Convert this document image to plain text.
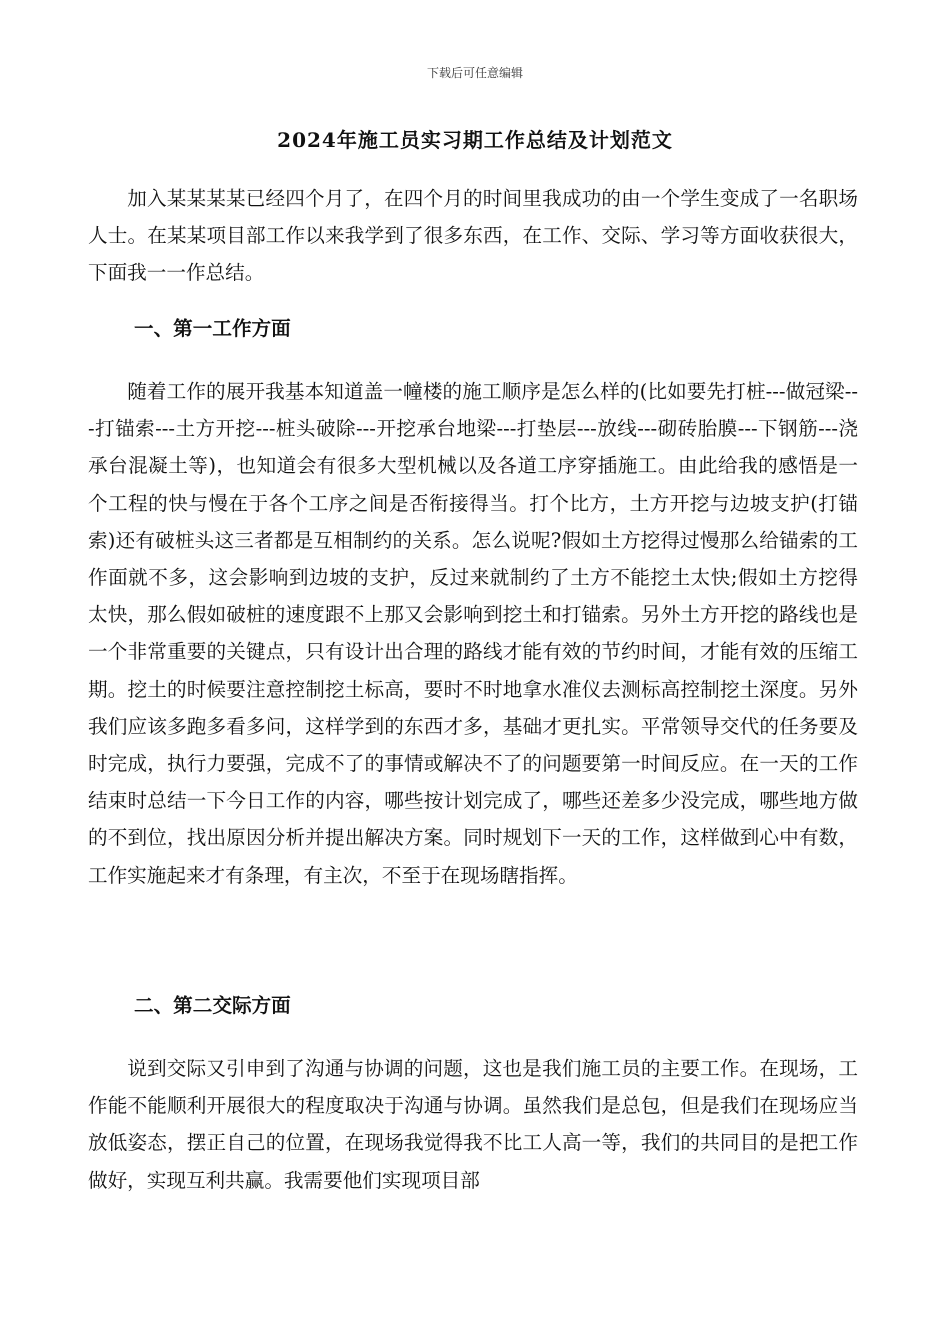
下载后可任意编辑
2024年施工员实习期工作总结及计划范文
加入某某某某已经四个月了，在四个月的时间里我成功的由一个学生变成了一名职场人士。在某某项目部工作以来我学到了很多东西，在工作、交际、学习等方面收获很大，下面我一一作总结。
一、第一工作方面
随着工作的展开我基本知道盖一幢楼的施工顺序是怎么样的(比如要先打桩---做冠梁---打锚索---土方开挖---桩头破除---开挖承台地梁---打垫层---放线---砌砖胎膜---下钢筋---浇承台混凝土等)，也知道会有很多大型机械以及各道工序穿插施工。由此给我的感悟是一个工程的快与慢在于各个工序之间是否衔接得当。打个比方，土方开挖与边坡支护(打锚索)还有破桩头这三者都是互相制约的关系。怎么说呢?假如土方挖得过慢那么给锚索的工作面就不多，这会影响到边坡的支护，反过来就制约了土方不能挖土太快;假如土方挖得太快，那么假如破桩的速度跟不上那又会影响到挖土和打锚索。另外土方开挖的路线也是一个非常重要的关键点，只有设计出合理的路线才能有效的节约时间，才能有效的压缩工期。挖土的时候要注意控制挖土标高，要时不时地拿水准仪去测标高控制挖土深度。另外我们应该多跑多看多问，这样学到的东西才多，基础才更扎实。平常领导交代的任务要及时完成，执行力要强，完成不了的事情或解决不了的问题要第一时间反应。在一天的工作结束时总结一下今日工作的内容，哪些按计划完成了，哪些还差多少没完成，哪些地方做的不到位，找出原因分析并提出解决方案。同时规划下一天的工作，这样做到心中有数，工作实施起来才有条理，有主次，不至于在现场瞎指挥。
二、第二交际方面
说到交际又引申到了沟通与协调的问题，这也是我们施工员的主要工作。在现场，工作能不能顺利开展很大的程度取决于沟通与协调。虽然我们是总包，但是我们在现场应当放低姿态，摆正自己的位置，在现场我觉得我不比工人高一等，我们的共同目的是把工作做好，实现互利共赢。我需要他们实现项目部
